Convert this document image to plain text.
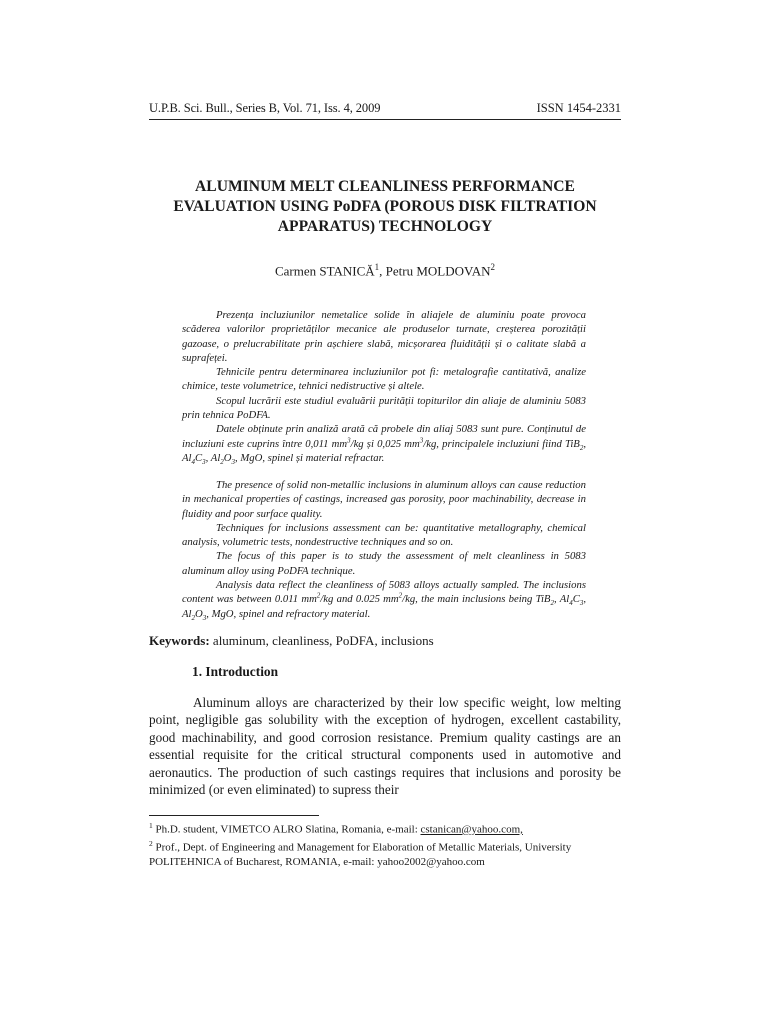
U.P.B. Sci. Bull., Series B, Vol. 71, Iss. 4, 2009	ISSN 1454-2331
ALUMINUM MELT CLEANLINESS PERFORMANCE
EVALUATION USING PoDFA (POROUS DISK FILTRATION
APPARATUS) TECHNOLOGY
Carmen STANICĂ$^1$, Petru MOLDOVAN$^2$

Prezența incluziunilor nemetalice solide în aliajele de aluminiu poate provoca scăderea valorilor proprietăților mecanice ale produselor turnate, creșterea porozității gazoase, o prelucrabilitate prin așchiere slabă, micșorarea fluidității și o calitate slabă a suprafeței.

Tehnicile pentru determinarea incluziunilor pot fi: metalografie cantitativă, analize chimice, teste volumetrice, tehnici nedistructive și altele.

Scopul lucrării este studiul evaluării purității topiturilor din aliaje de aluminiu 5083 prin tehnica PoDFA.

Datele obținute prin analiză arată că probele din aliaj 5083 sunt pure. Conținutul de incluziuni este cuprins între 0,011 $mm^3/kg$ și 0,025 $mm^3/kg$, principalele incluziuni fiind TiB$_2$, $Al_4C_3$, $Al_2O_3$, MgO, spinel și material refractar.

The presence of solid non-metallic inclusions in aluminum alloys can cause reduction in mechanical properties of castings, increased gas porosity, poor machinability, decrease in fluidity and poor surface quality.

Techniques for inclusions assessment can be: quantitative metallography, chemical analysis, volumetric tests, nondestructive techniques and so on.

The focus of this paper is to study the assessment of melt cleanliness in 5083 aluminum alloy using PoDFA technique.

Analysis data reflect the cleanliness of 5083 alloys actually sampled. The inclusions content was between 0.011 $mm^2/kg$ and 0.025 $mm^2/kg$, the main inclusions being TiB$_2$, $Al_4C_3$, $Al_2O_3$, MgO, spinel and refractory material.

Keywords: aluminum, cleanliness, PoDFA, inclusions
1. Introduction

Aluminum alloys are characterized by their low specific weight, low melting point, negligible gas solubility with the exception of hydrogen, excellent castability, good machinability, and good corrosion resistance. Premium quality castings are an essential requisite for the critical structural components used in automotive and aeronautics. The production of such castings requires that inclusions and porosity be minimized (or even eliminated) to supress their

$^1$ Ph.D. student, VIMETCO ALRO Slatina, Romania, e-mail: cstanican@yahoo.com,

$^2$ Prof., Dept. of Engineering and Management for Elaboration of Metallic Materials, University POLITEHNICA of Bucharest, ROMANIA, e-mail: yahoo2002@yahoo.com
